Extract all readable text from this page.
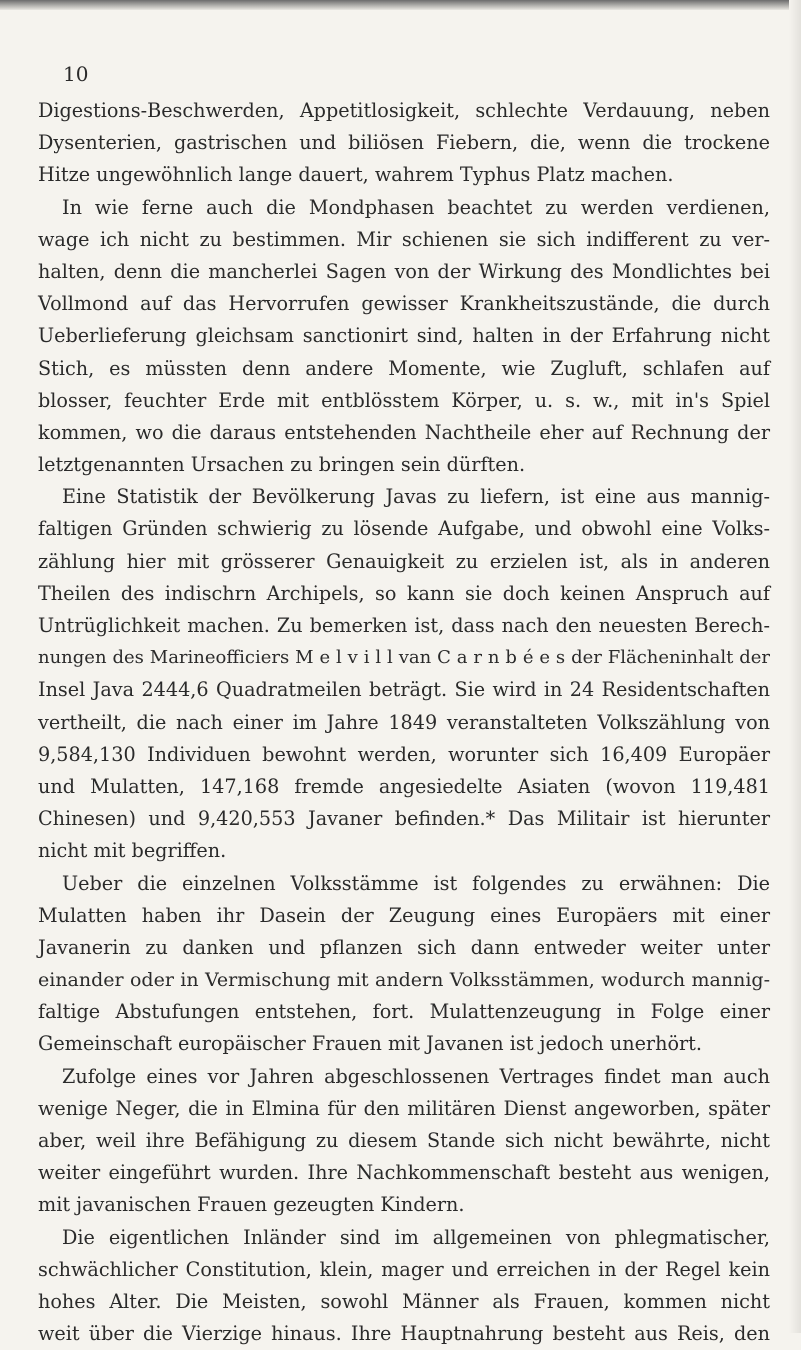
10
Digestions-Beschwerden, Appetitlosigkeit, schlechte Verdauung, neben
Dysenterien, gastrischen und biliösen Fiebern, die, wenn die trockene
Hitze ungewöhnlich lange dauert, wahrem Typhus Platz machen.
In wie ferne auch die Mondphasen beachtet zu werden verdienen,
wage ich nicht zu bestimmen. Mir schienen sie sich indifferent zu ver-
halten, denn die mancherlei Sagen von der Wirkung des Mondlichtes bei
Vollmond auf das Hervorrufen gewisser Krankheitszustände, die durch
Ueberlieferung gleichsam sanctionirt sind, halten in der Erfahrung nicht
Stich, es müssten denn andere Momente, wie Zugluft, schlafen auf
blosser, feuchter Erde mit entblösstem Körper, u. s. w., mit in's Spiel
kommen, wo die daraus entstehenden Nachtheile eher auf Rechnung der
letztgenannten Ursachen zu bringen sein dürften.
Eine Statistik der Bevölkerung Javas zu liefern, ist eine aus mannig-
faltigen Gründen schwierig zu lösende Aufgabe, und obwohl eine Volks-
zählung hier mit grösserer Genauigkeit zu erzielen ist, als in anderen
Theilen des indischrn Archipels, so kann sie doch keinen Anspruch auf
Untrüglichkeit machen. Zu bemerken ist, dass nach den neuesten Berech-
nungen des Marineofficiers M e l v i l l van C a r n b é e s der Flächeninhalt der
Insel Java 2444,6 Quadratmeilen beträgt. Sie wird in 24 Residentschaften
vertheilt, die nach einer im Jahre 1849 veranstalteten Volkszählung von
9,584,130 Individuen bewohnt werden, worunter sich 16,409 Europäer
und Mulatten, 147,168 fremde angesiedelte Asiaten (wovon 119,481
Chinesen) und 9,420,553 Javaner befinden.* Das Militair ist hierunter
nicht mit begriffen.
Ueber die einzelnen Volksstämme ist folgendes zu erwähnen: Die
Mulatten haben ihr Dasein der Zeugung eines Europäers mit einer
Javanerin zu danken und pflanzen sich dann entweder weiter unter
einander oder in Vermischung mit andern Volksstämmen, wodurch mannig-
faltige Abstufungen entstehen, fort. Mulattenzeugung in Folge einer
Gemeinschaft europäischer Frauen mit Javanen ist jedoch unerhört.
Zufolge eines vor Jahren abgeschlossenen Vertrages findet man auch
wenige Neger, die in Elmina für den militären Dienst angeworben, später
aber, weil ihre Befähigung zu diesem Stande sich nicht bewährte, nicht
weiter eingeführt wurden. Ihre Nachkommenschaft besteht aus wenigen,
mit javanischen Frauen gezeugten Kindern.
Die eigentlichen Inländer sind im allgemeinen von phlegmatischer,
schwächlicher Constitution, klein, mager und erreichen in der Regel kein
hohes Alter. Die Meisten, sowohl Männer als Frauen, kommen nicht
weit über die Vierzige hinaus. Ihre Hauptnahrung besteht aus Reis, den
